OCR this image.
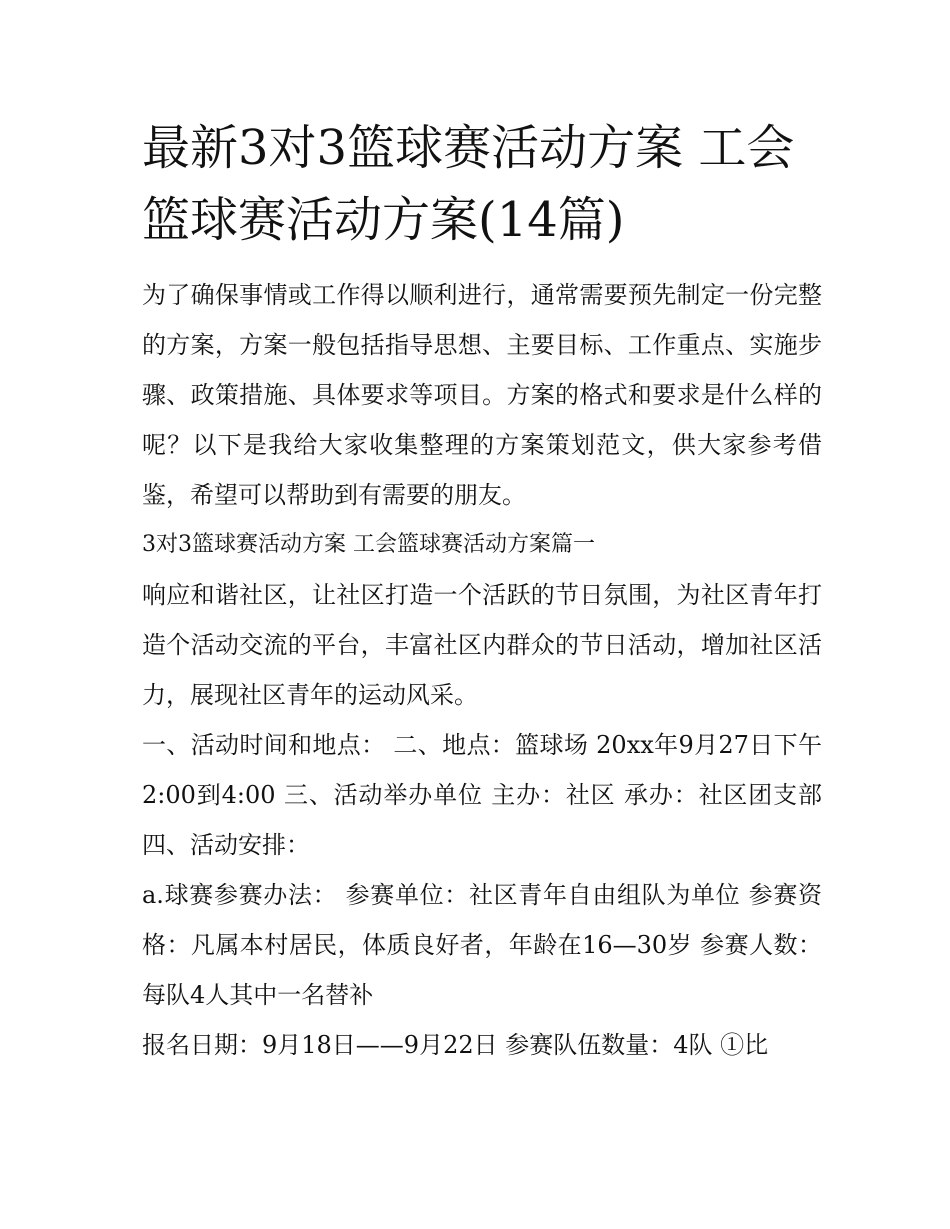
最新3对3篮球赛活动方案 工会篮球赛活动方案(14篇)

为了确保事情或工作得以顺利进行，通常需要预先制定一份完整的方案，方案一般包括指导思想、主要目标、工作重点、实施步骤、政策措施、具体要求等项目。方案的格式和要求是什么样的呢？以下是我给大家收集整理的方案策划范文，供大家参考借鉴，希望可以帮助到有需要的朋友。

3对3篮球赛活动方案 工会篮球赛活动方案篇一

响应和谐社区，让社区打造一个活跃的节日氛围，为社区青年打造个活动交流的平台，丰富社区内群众的节日活动，增加社区活力，展现社区青年的运动风采。

一、活动时间和地点： 二、地点：篮球场 20xx年9月27日下午2:00到4:00 三、活动举办单位 主办：社区 承办：社区团支部 四、活动安排：

a.球赛参赛办法： 参赛单位：社区青年自由组队为单位 参赛资格：凡属本村居民，体质良好者，年龄在16—30岁 参赛人数：每队4人其中一名替补

报名日期：9月18日——9月22日 参赛队伍数量：4队 ①比
